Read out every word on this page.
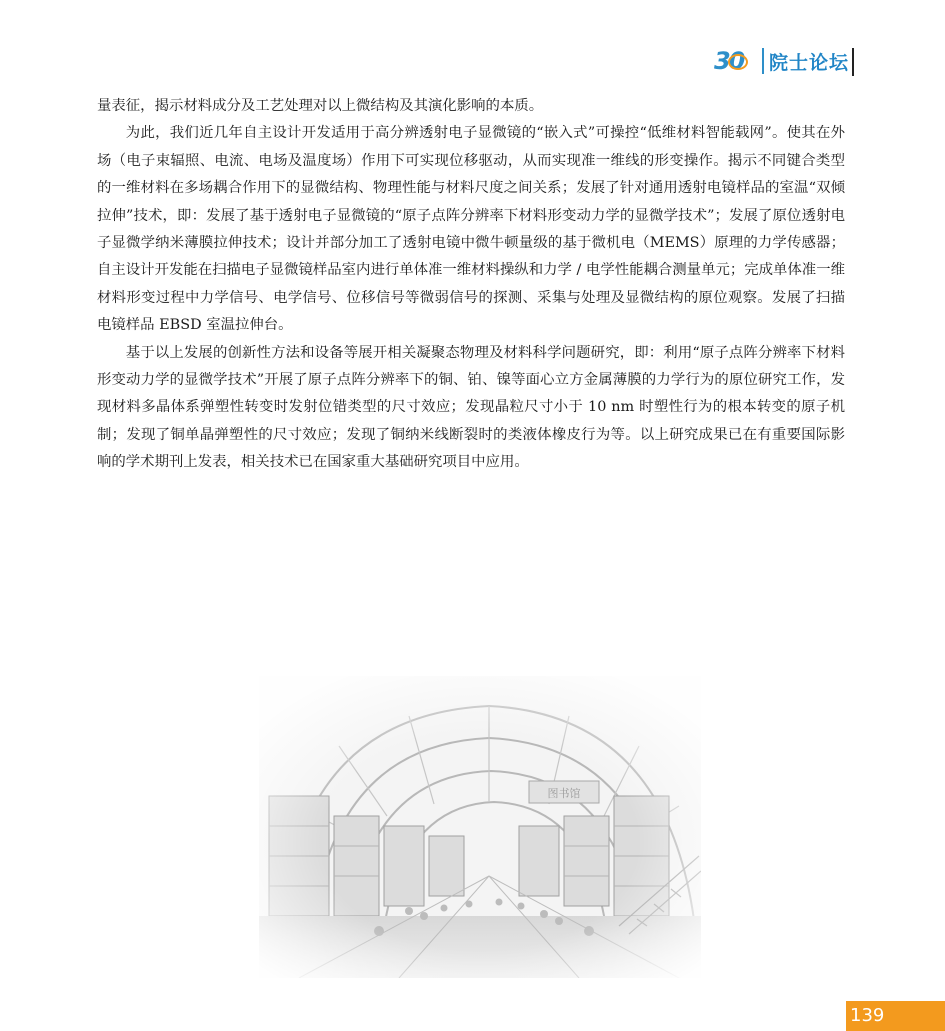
30 院士论坛

量表征，揭示材料成分及工艺处理对以上微结构及其演化影响的本质。

为此，我们近几年自主设计开发适用于高分辨透射电子显微镜的“嵌入式”可操控“低维材料智能载网”。使其在外场（电子束辐照、电流、电场及温度场）作用下可实现位移驱动，从而实现准一维线的形变操作。揭示不同键合类型的一维材料在多场耦合作用下的显微结构、物理性能与材料尺度之间关系；发展了针对通用透射电镜样品的室温“双倾拉伸”技术，即：发展了基于透射电子显微镜的“原子点阵分辨率下材料形变动力学的显微学技术”；发展了原位透射电子显微学纳米薄膜拉伸技术；设计并部分加工了透射电镜中微牛顿量级的基于微机电（MEMS）原理的力学传感器；自主设计开发能在扫描电子显微镜样品室内进行单体准一维材料操纵和力学 / 电学性能耦合测量单元；完成单体准一维材料形变过程中力学信号、电学信号、位移信号等微弱信号的探测、采集与处理及显微结构的原位观察。发展了扫描电镜样品 EBSD 室温拉伸台。

基于以上发展的创新性方法和设备等展开相关凝聚态物理及材料科学问题研究，即：利用“原子点阵分辨率下材料形变动力学的显微学技术”开展了原子点阵分辨率下的铜、铂、镍等面心立方金属薄膜的力学行为的原位研究工作，发现材料多晶体系弹塑性转变时发射位错类型的尺寸效应；发现晶粒尺寸小于 10 nm 时塑性行为的根本转变的原子机制；发现了铜单晶弹塑性的尺寸效应；发现了铜纳米线断裂时的类液体橡皮行为等。以上研究成果已在有重要国际影响的学术期刊上发表，相关技术已在国家重大基础研究项目中应用。

139
